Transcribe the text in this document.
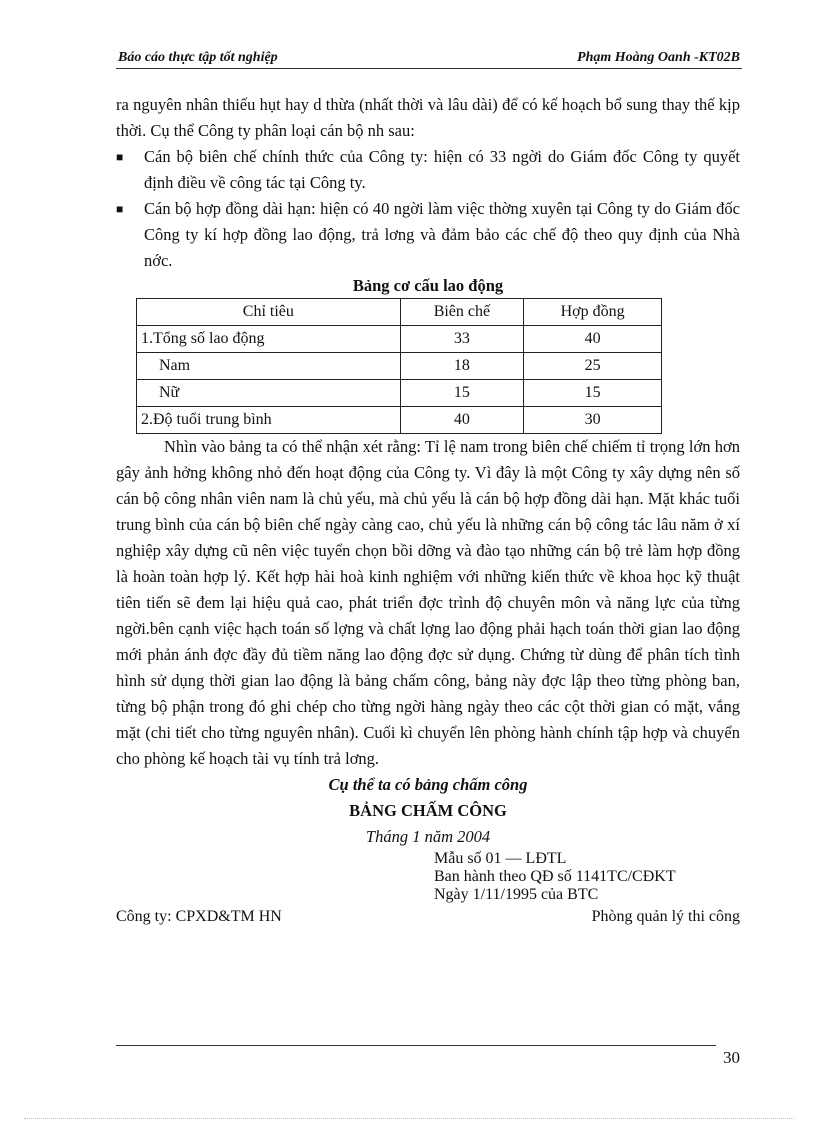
Báo cáo thực tập tốt nghiệp	Phạm Hoàng Oanh -KT02B

ra nguyên nhân thiếu hụt hay d thừa (nhất thời và lâu dài) để có kế hoạch bổ sung thay thế kịp thời. Cụ thể Công ty phân loại cán bộ nh sau:

■ Cán bộ biên chế chính thức của Công ty: hiện có 33 ngời do Giám đốc Công ty quyết định điều về công tác tại Công ty.
■ Cán bộ hợp đồng dài hạn: hiện có 40 ngời làm việc thờng xuyên tại Công ty do Giám đốc Công ty kí hợp đồng lao động, trả lơng và đảm bảo các chế độ theo quy định của Nhà nớc.

Bảng cơ cấu lao động

Chỉ tiêu	Biên chế	Hợp đồng
1.Tổng số lao động	33	40
Nam	18	25
Nữ	15	15
2.Độ tuổi trung bình	40	30

Nhìn vào bảng ta có thể nhận xét rằng: Tỉ lệ nam trong biên chế chiếm tỉ trọng lớn hơn gây ảnh hởng không nhỏ đến hoạt động của Công ty. Vì đây là một Công ty xây dựng nên số cán bộ công nhân viên nam là chủ yếu, mà chủ yếu là cán bộ hợp đồng dài hạn. Mặt khác tuổi trung bình của cán bộ biên chế ngày càng cao, chủ yếu là những cán bộ công tác lâu năm ở xí nghiệp xây dựng cũ nên việc tuyển chọn bồi dỡng và đào tạo những cán bộ trẻ làm hợp đồng là hoàn toàn hợp lý. Kết hợp hài hoà kinh nghiệm với những kiến thức về khoa học kỹ thuật tiên tiến sẽ đem lại hiệu quả cao, phát triển đợc trình độ chuyên môn và năng lực của từng ngời.bên cạnh việc hạch toán số lợng và chất lợng lao động phải hạch toán thời gian lao động mới phản ánh đợc đầy đủ tiềm năng lao động đợc sử dụng. Chứng từ dùng để phân tích tình hình sử dụng thời gian lao động là bảng chấm công, bảng này đợc lập theo từng phòng ban, từng bộ phận trong đó ghi chép cho từng ngời hàng ngày theo các cột thời gian có mặt, vắng mặt (chi tiết cho từng nguyên nhân). Cuối kì chuyển lên phòng hành chính tập hợp và chuyển cho phòng kế hoạch tài vụ tính trả lơng.

Cụ thể ta có bảng chấm công

BẢNG CHẤM CÔNG

Tháng 1 năm 2004

Mẫu số 01 — LĐTL
Ban hành theo QĐ số 1141TC/CĐKT
Ngày 1/11/1995 của BTC
Công ty: CPXD&TM HN	Phòng quản lý thi công
30
